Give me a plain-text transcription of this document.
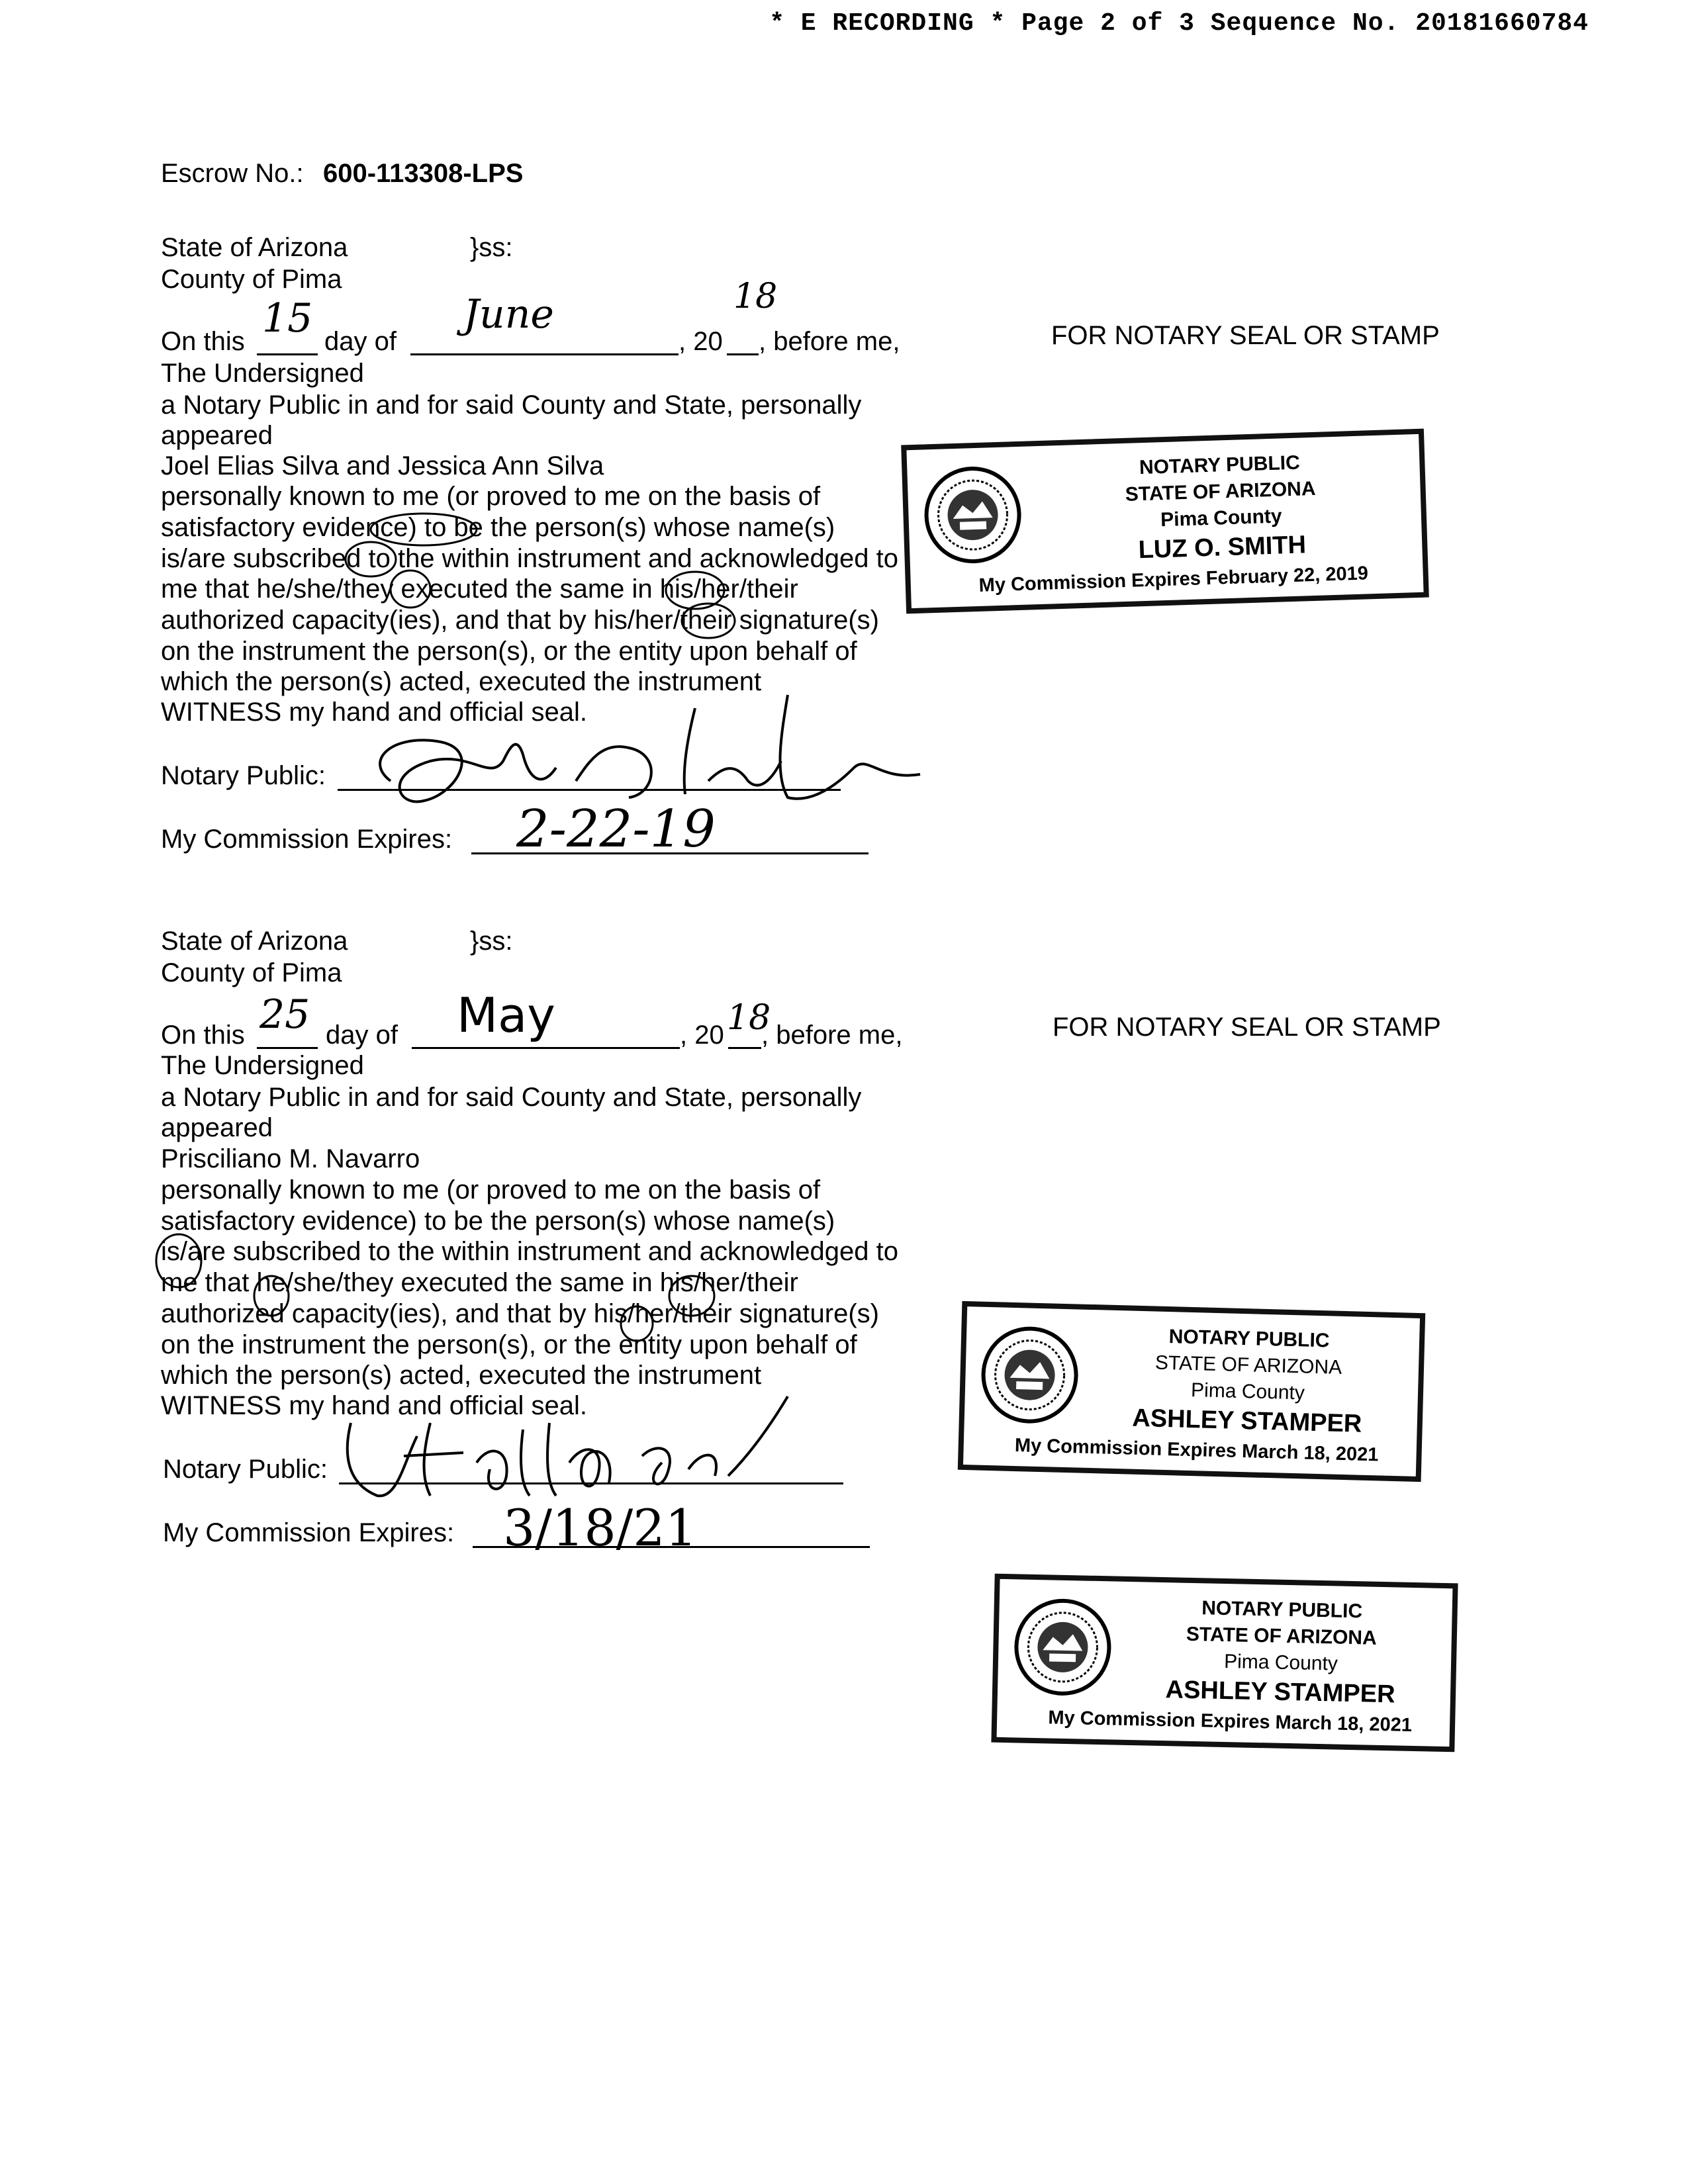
* E RECORDING * Page 2 of 3 Sequence No. 20181660784
Escrow No.: 600-113308-LPS
State of Arizona	}ss:
County of Pima
On this 15 day of
June
, 20
18
, before me,	FOR NOTARY SEAL OR STAMP
The Undersigned
a Notary Public in and for said County and State, personally
appeared
Joel Elias Silva and Jessica Ann Silva
personally known to me (or proved to me on the basis of
satisfactory evidence) to be the person(s) whose name(s)
is/are subscribed to the within instrument and acknowledged to
me that he/she/they executed the same in his/her/their
authorized capacity(ies), and that by his/her/their signature(s)
on the instrument the person(s), or the entity upon behalf of
which the person(s) acted, executed the instrument
WITNESS my hand and official seal.
Notary Public:
My Commission Expires: 2-22-19
NOTARY PUBLIC
STATE OF ARIZONA
Pima County
LUZ O. SMITH
My Commission Expires February 22, 2019
State of Arizona	}ss:
County of Pima
On this 25 day of May	, 20 18
, before me,	FOR NOTARY SEAL OR STAMP
The Undersigned
a Notary Public in and for said County and State, personally
appeared
Prisciliano M. Navarro
personally known to me (or proved to me on the basis of
satisfactory evidence) to be the person(s) whose name(s)
is/are subscribed to the within instrument and acknowledged to
me that he/she/they executed the same in his/her/their
authorized capacity(ies), and that by his/her/their signature(s)
on the instrument the person(s), or the entity upon behalf of
which the person(s) acted, executed the instrument
WITNESS my hand and official seal.
Notary Public:
My Commission Expires: 3/18/21
NOTARY PUBLIC
STATE OF ARIZONA
Pima County
ASHLEY STAMPER
My Commission Expires March 18, 2021
NOTARY PUBLIC
STATE OF ARIZONA
Pima County
ASHLEY STAMPER
My Commission Expires March 18, 2021
